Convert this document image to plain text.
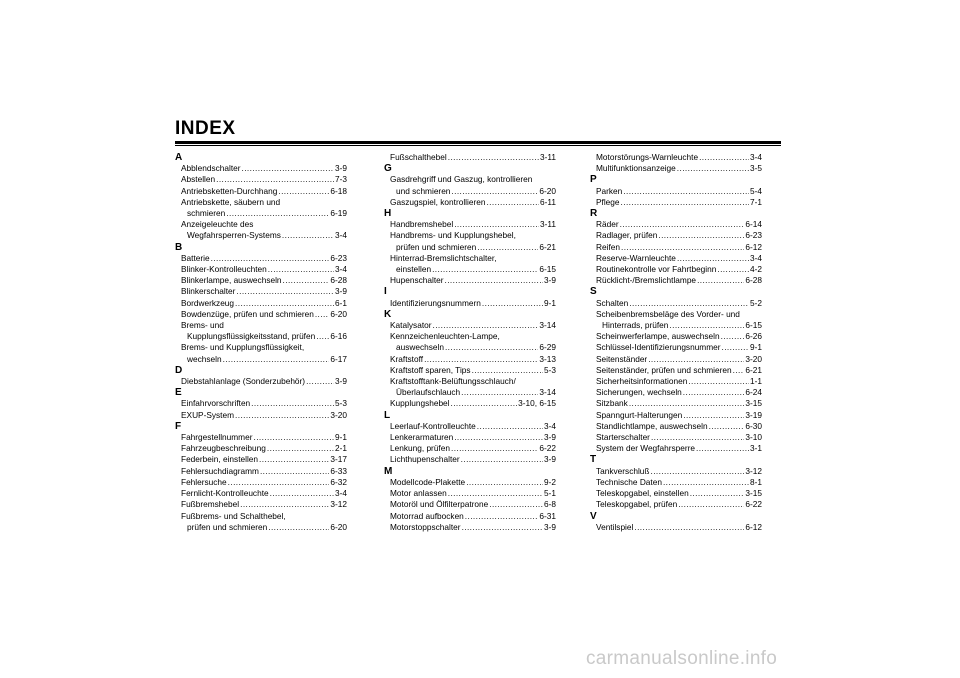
INDEX
A
Abblendschalter .....	3-9
Abstellen .....	7-3
Antriebsketten-Durchhang .....	6-18
Antriebskette, säubern und
schmieren .....	6-19
Anzeigeleuchte des
Wegfahrsperren-Systems .....	3-4
B
Batterie .....	6-23
Blinker-Kontrolleuchten .....	3-4
Blinkerlampe, auswechseln .....	6-28
Blinkerschalter .....	3-9
Bordwerkzeug .....	6-1
Bowdenzüge, prüfen und schmieren ..... 6-20
Brems- und
Kupplungsflüssigkeitsstand, prüfen ..... 6-16
Brems- und Kupplungsflüssigkeit,
wechseln .....	6-17
D
Diebstahlanlage (Sonderzubehör) .....	3-9
E
Einfahrvorschriften .....	5-3
EXUP-System .....	3-20
F
Fahrgestellnummer .....	9-1
Fahrzeugbeschreibung .....	2-1
Federbein, einstellen .....	3-17
Fehlersuchdiagramm .....	6-33
Fehlersuche .....	6-32
Fernlicht-Kontrolleuchte .....	3-4
Fußbremshebel .....	3-12
Fußbrems- und Schalthebel,
prüfen und schmieren .....	6-20
Fußschalthebel .....	3-11
G
Gasdrehgriff und Gaszug, kontrollieren
und schmieren .....	6-20
Gaszugspiel, kontrollieren .....	6-11
H
Handbremshebel .....	3-11
Handbrems- und Kupplungshebel,
prüfen und schmieren .....	6-21
Hinterrad-Bremslichtschalter,
einstellen .....	6-15
Hupenschalter .....	3-9
I
Identifizierungsnummern .....	9-1
K
Katalysator .....	3-14
Kennzeichenleuchten-Lampe,
auswechseln .....	6-29
Kraftstoff .....	3-13
Kraftstoff sparen, Tips .....	5-3
Kraftstofftank-Belüftungsschlauch/
Überlaufschlauch .....	3-14
Kupplungshebel .....	3-10, 6-15
L
Leerlauf-Kontrolleuchte .....	3-4
Lenkerarmaturen .....	3-9
Lenkung, prüfen .....	6-22
Lichthupenschalter .....	3-9
M
Modellcode-Plakette .....	9-2
Motor anlassen .....	5-1
Motoröl und Ölfilterpatrone .....	6-8
Motorrad aufbocken .....	6-31
Motorstoppschalter .....	3-9
Motorstörungs-Warnleuchte .....	3-4
Multifunktionsanzeige .....	3-5
P
Parken .....	5-4
Pflege .....	7-1
R
Räder .....	6-14
Radlager, prüfen .....	6-23
Reifen .....	6-12
Reserve-Warnleuchte .....	3-4
Routinekontrolle vor Fahrtbeginn .....	4-2
Rücklicht-/Bremslichtlampe .....	6-28
S
Schalten .....	5-2
Scheibenbremsbeläge des Vorder- und
Hinterrads, prüfen .....	6-15
Scheinwerferlampe, auswechseln .....	6-26
Schlüssel-Identifizierungsnummer .....	9-1
Seitenständer .....	3-20
Seitenständer, prüfen und schmieren ..... 6-21
Sicherheitsinformationen .....	1-1
Sicherungen, wechseln .....	6-24
Sitzbank .....	3-15
Spanngurt-Halterungen .....	3-19
Standlichtlampe, auswechseln .....	6-30
Starterschalter .....	3-10
System der Wegfahrsperre .....	3-1
T
Tankverschluß .....	3-12
Technische Daten .....	8-1
Teleskopgabel, einstellen .....	3-15
Teleskopgabel, prüfen .....	6-22
V
Ventilspiel .....	6-12
carmanualsonline.info
